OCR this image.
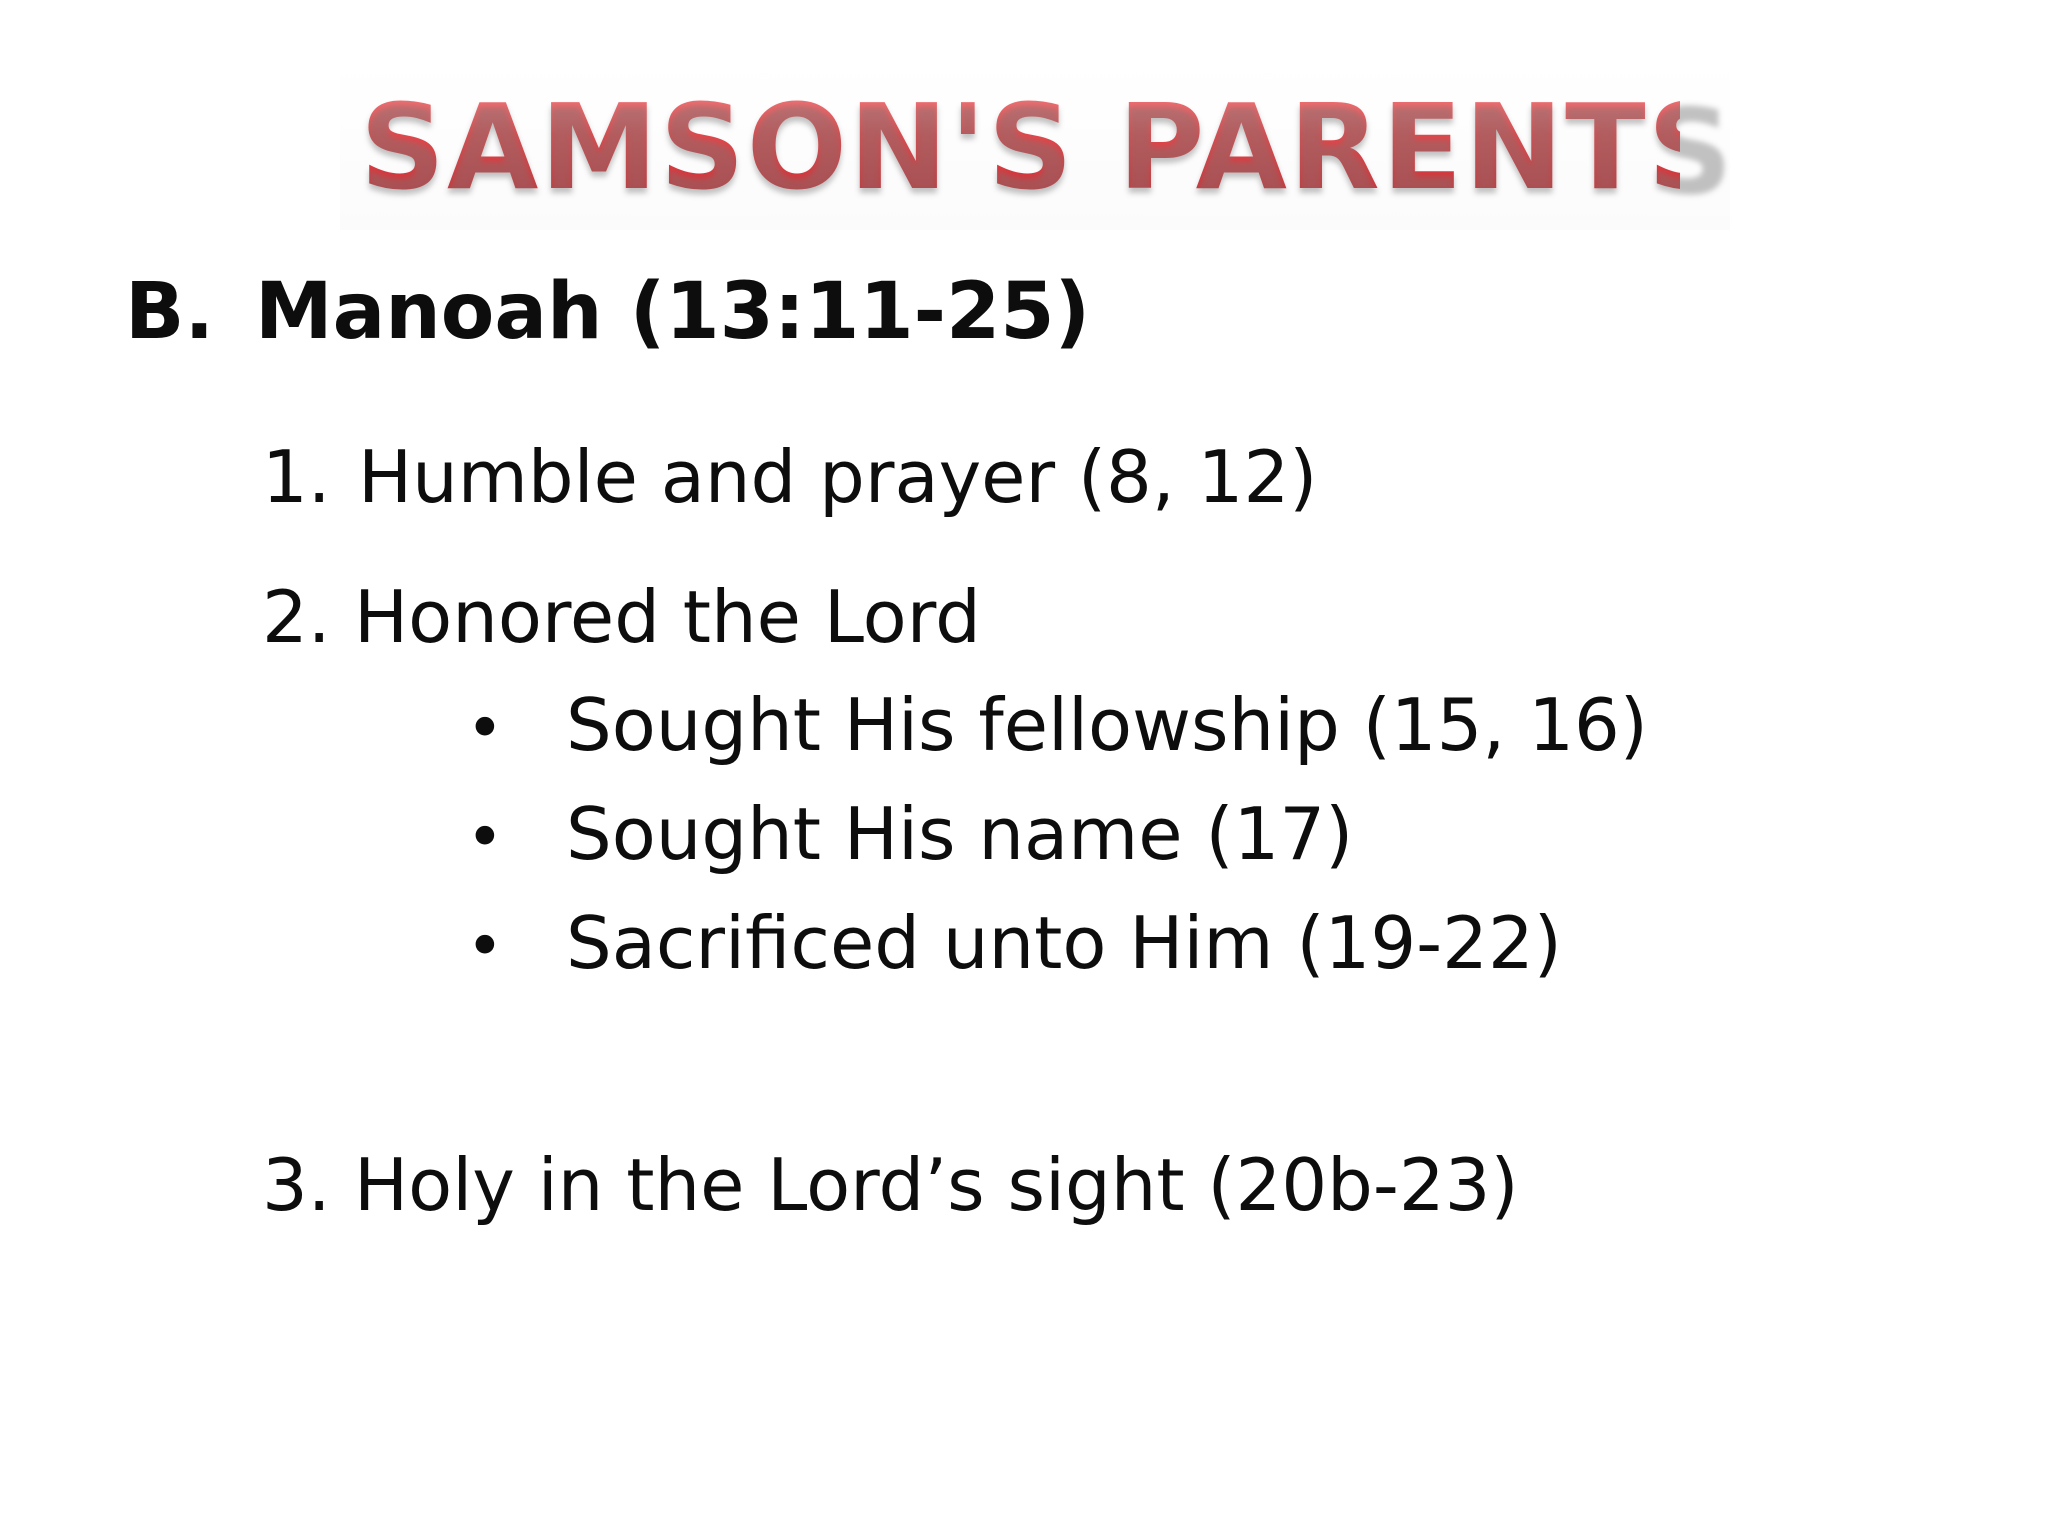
SAMSON'S PARENTS
B. Manoah (13:11-25)
1. Humble and prayer (8, 12)
2. Honored the Lord
• Sought His fellowship (15, 16)
• Sought His name (17)
• Sacrificed unto Him (19-22)
3. Holy in the Lord’s sight (20b-23)
